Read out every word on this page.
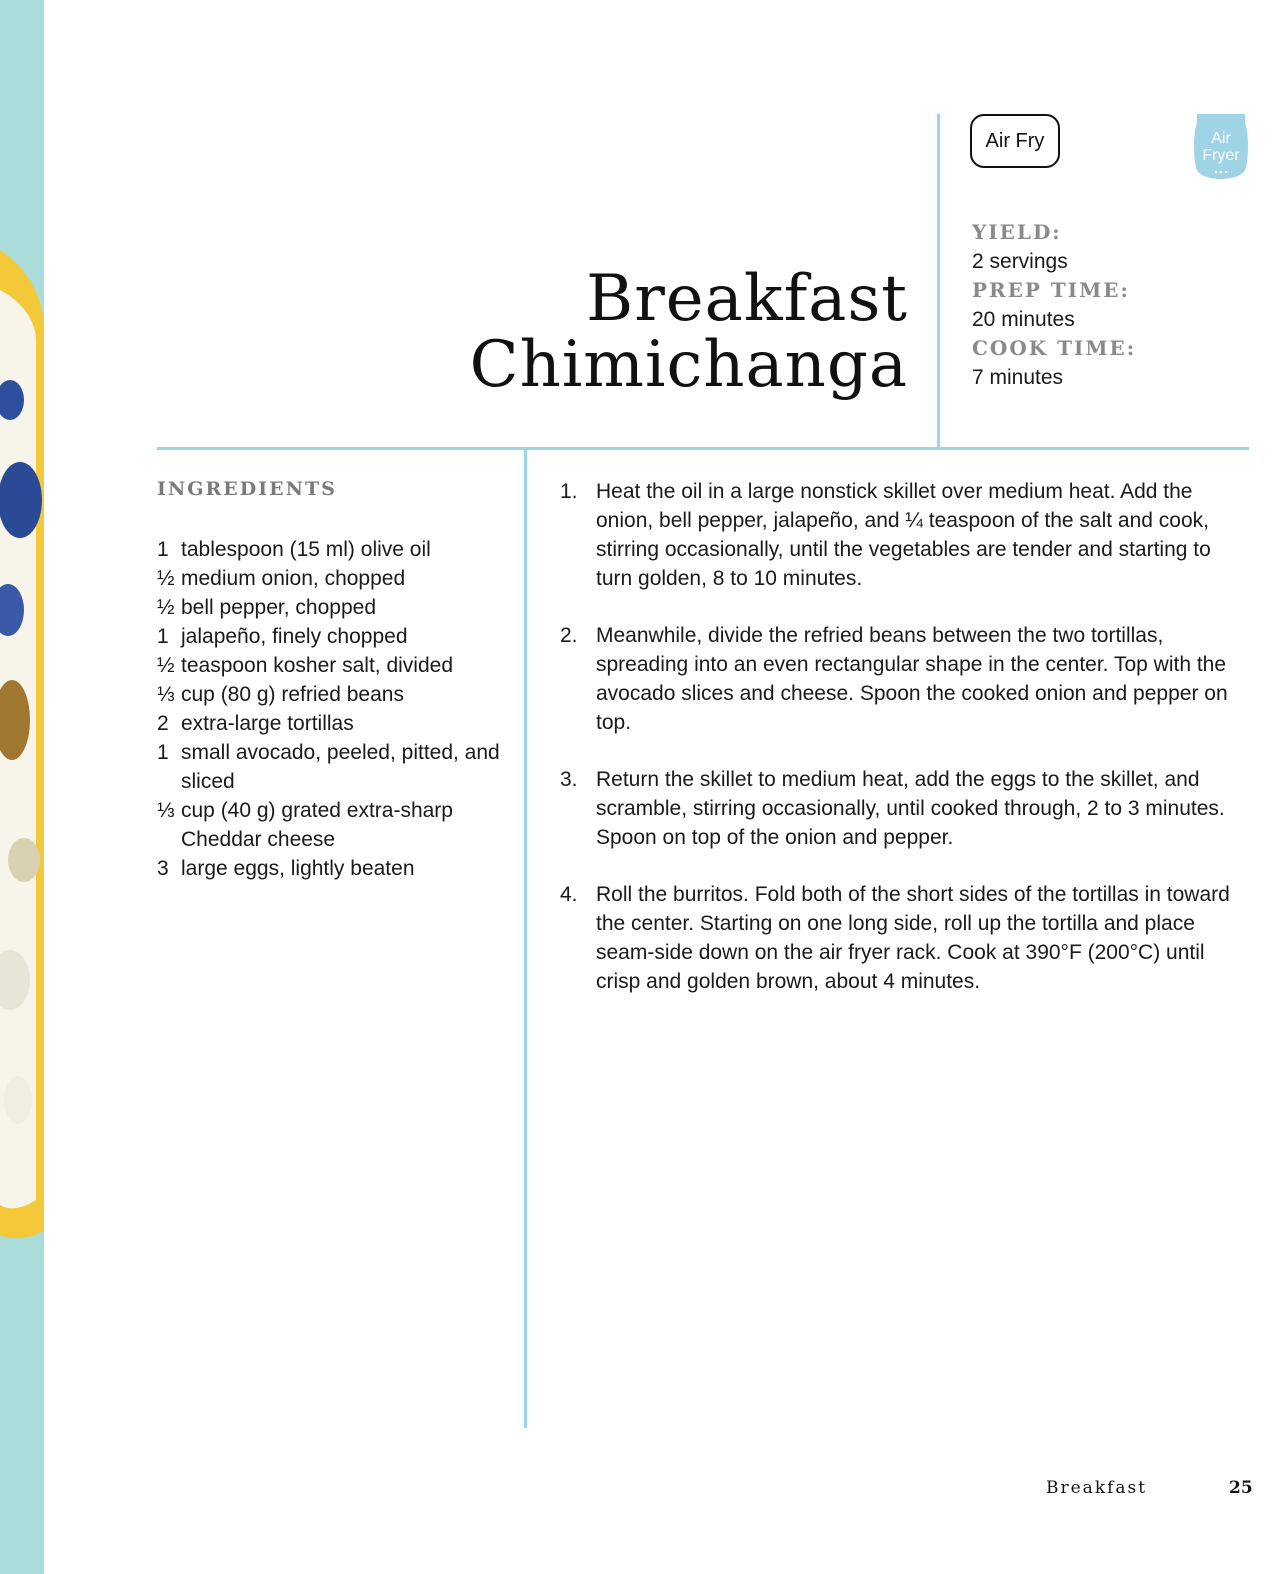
Breakfast
Chimichanga
Air Fry	Air
Fryer
YIELD:
2 servings
PREP TIME:
20 minutes
COOK TIME:
7 minutes
INGREDIENTS
1 tablespoon (15 ml) olive oil
½ medium onion, chopped
½ bell pepper, chopped
1 jalapeño, finely chopped
½ teaspoon kosher salt, divided
⅓ cup (80 g) refried beans
2 extra-large tortillas
1 small avocado, peeled, pitted, and sliced
⅓ cup (40 g) grated extra-sharp Cheddar cheese
3 large eggs, lightly beaten
1. Heat the oil in a large nonstick skillet over medium heat. Add the onion, bell pepper, jalapeño, and ¼ teaspoon of the salt and cook, stirring occasionally, until the vegetables are tender and starting to turn golden, 8 to 10 minutes.
2. Meanwhile, divide the refried beans between the two tortillas, spreading into an even rectangular shape in the center. Top with the avocado slices and cheese. Spoon the cooked onion and pepper on top.
3. Return the skillet to medium heat, add the eggs to the skillet, and scramble, stirring occasionally, until cooked through, 2 to 3 minutes. Spoon on top of the onion and pepper.
4. Roll the burritos. Fold both of the short sides of the tortillas in toward the center. Starting on one long side, roll up the tortilla and place seam-side down on the air fryer rack. Cook at 390°F (200°C) until crisp and golden brown, about 4 minutes.
Breakfast	25
